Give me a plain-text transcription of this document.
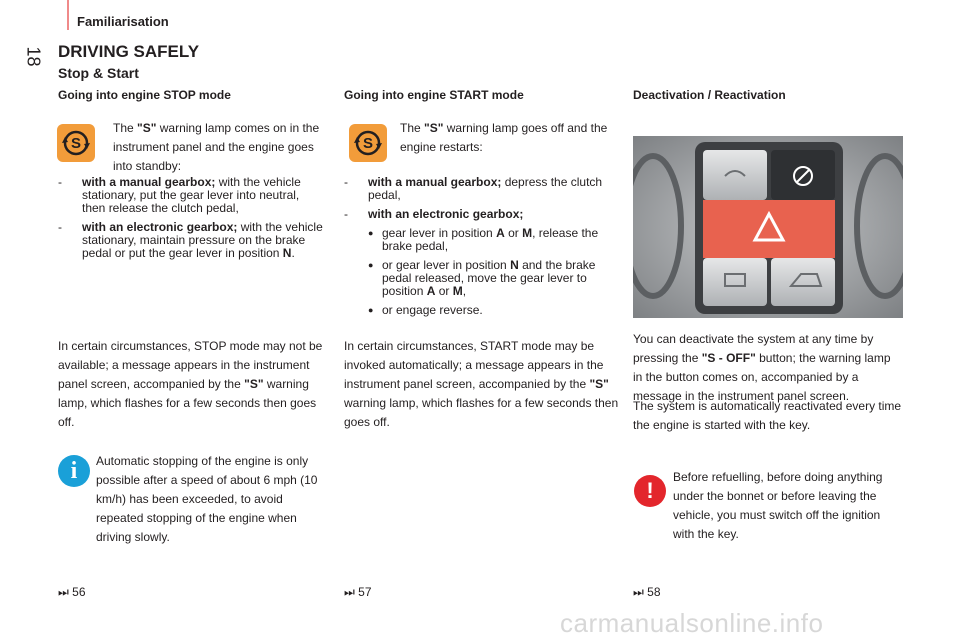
Familiarisation
18 DRIVING SAFELY
Stop & Start
Going into engine STOP mode
S
The "S" warning lamp comes on in the instrument panel and the engine goes into standby:
-	with a manual gearbox; with the vehicle stationary, put the gear lever into neutral, then release the clutch pedal,
-	with an electronic gearbox; with the vehicle stationary, maintain pressure on the brake pedal or put the gear lever in position N.
In certain circumstances, STOP mode may not be available; a message appears in the instrument panel screen, accompanied by the "S" warning lamp, which flashes for a few seconds then goes off.
i	Automatic stopping of the engine is only possible after a speed of about 6 mph (10 km/h) has been exceeded, to avoid repeated stopping of the engine when driving slowly.
⏭ 56
Going into engine START mode
S
The "S" warning lamp goes off and the engine restarts:
-	with a manual gearbox; depress the clutch pedal,
-	with an electronic gearbox;
● gear lever in position A or M, release the brake pedal,
● or gear lever in position N and the brake pedal released, move the gear lever to position A or M,
● or engage reverse.
In certain circumstances, START mode may be invoked automatically; a message appears in the instrument panel screen, accompanied by the "S" warning lamp, which flashes for a few seconds then goes off.
⏭ 57
Deactivation / Reactivation
You can deactivate the system at any time by pressing the "S - OFF" button; the warning lamp in the button comes on, accompanied by a message in the instrument panel screen.
The system is automatically reactivated every time the engine is started with the key.
!
Before refuelling, before doing anything under the bonnet or before leaving the vehicle, you must switch off the ignition with the key.
⏭ 58
carmanualsonline.info
